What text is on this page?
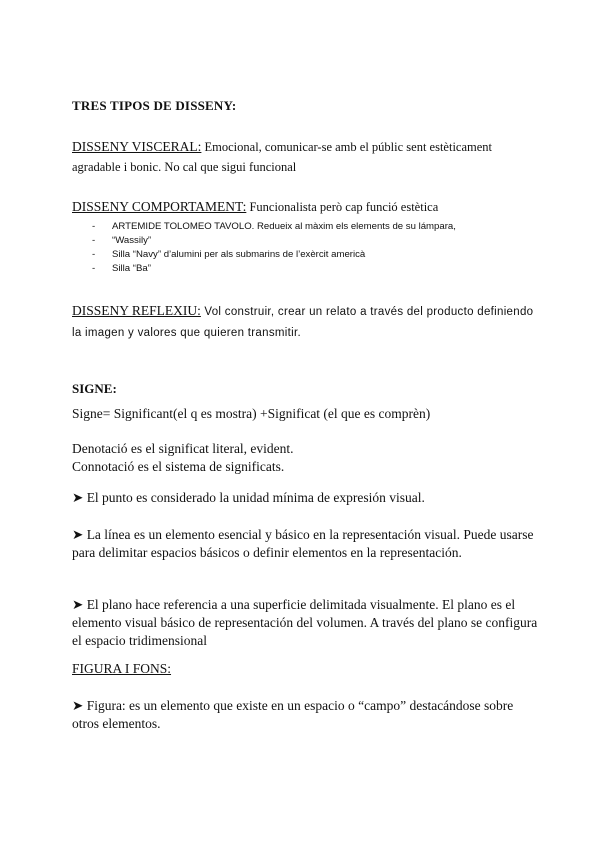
TRES TIPOS DE DISSENY:

DISSENY VISCERAL: Emocional, comunicar-se amb el públic sent estèticament agradable i bonic. No cal que sigui funcional

DISSENY COMPORTAMENT: Funcionalista però cap funció estètica

- ARTEMIDE TOLOMEO TAVOLO. Redueix al màxim els elements de su lámpara,
- “Wassily”
- Silla “Navy” d’alumini per als submarins de l’exèrcit americà
- Silla “Ba”

DISSENY REFLEXIU: Vol construir, crear un relato a través del producto definiendo la imagen y valores que quieren transmitir.

SIGNE:

Signe= Significant(el q es mostra) +Significat (el que es comprèn)

Denotació es el significat literal, evident.
Connotació es el sistema de significats.

➤ El punto es considerado la unidad mínima de expresión visual.

➤ La línea es un elemento esencial y básico en la representación visual. Puede usarse para delimitar espacios básicos o definir elementos en la representación.

➤ El plano hace referencia a una superficie delimitada visualmente. El plano es el elemento visual básico de representación del volumen. A través del plano se configura el espacio tridimensional

FIGURA I FONS:

➤ Figura: es un elemento que existe en un espacio o “campo” destacándose sobre otros elementos.
